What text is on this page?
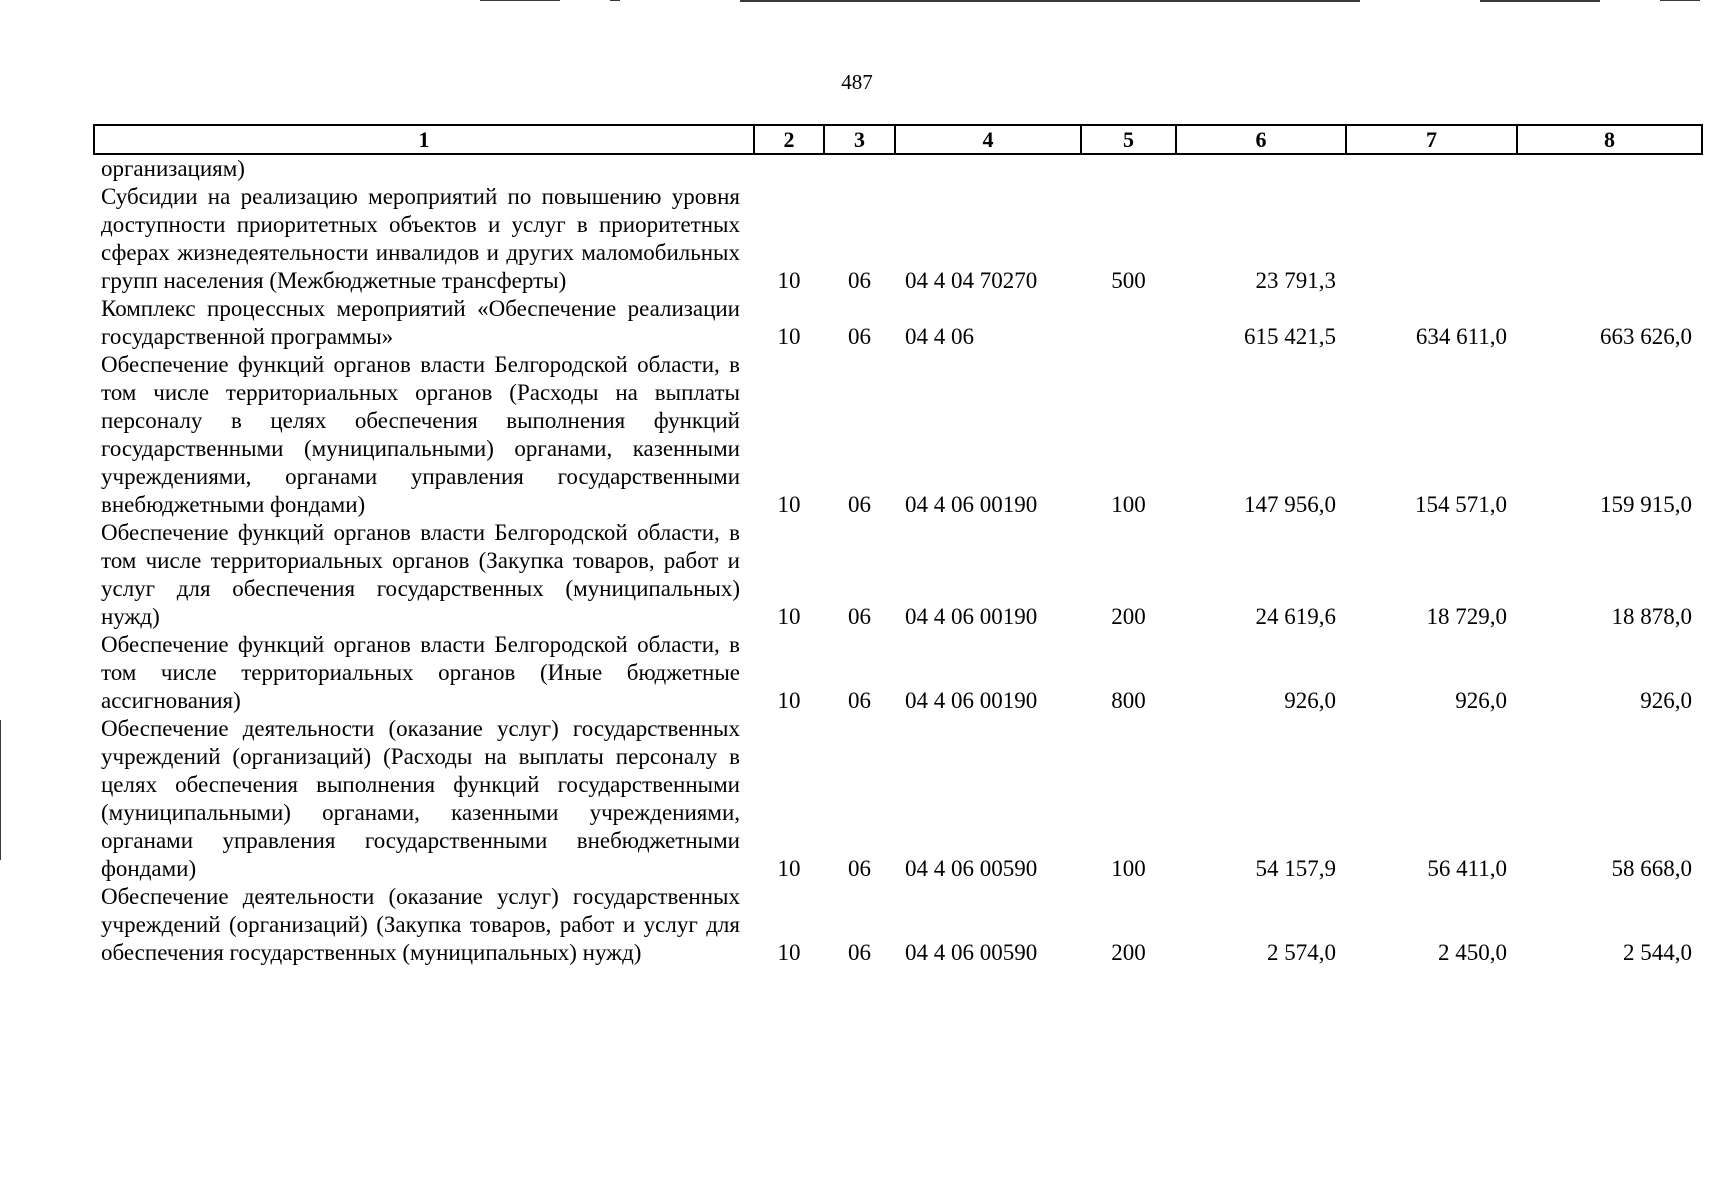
487
1	2	3	4	5	6	7	8
организациям)							
Субсидии на реализацию мероприятий по повышению уровня доступности приоритетных объектов и услуг в приоритетных сферах жизнедеятельности инвалидов и других маломобильных групп населения (Межбюджетные трансферты)	10	06	04 4 04 70270	500	23 791,3		
Комплекс процессных мероприятий «Обеспечение реализации государственной программы»	10	06	04 4 06		615 421,5	634 611,0	663 626,0
Обеспечение функций органов власти Белгородской области, в том числе территориальных органов (Расходы на выплаты персоналу в целях обеспечения выполнения функций государственными (муниципальными) органами, казенными учреждениями, органами управления государственными внебюджетными фондами)	10	06	04 4 06 00190	100	147 956,0	154 571,0	159 915,0
Обеспечение функций органов власти Белгородской области, в том числе территориальных органов (Закупка товаров, работ и услуг для обеспечения государственных (муниципальных) нужд)	10	06	04 4 06 00190	200	24 619,6	18 729,0	18 878,0
Обеспечение функций органов власти Белгородской области, в том числе территориальных органов (Иные бюджетные ассигнования)	10	06	04 4 06 00190	800	926,0	926,0	926,0
Обеспечение деятельности (оказание услуг) государственных учреждений (организаций) (Расходы на выплаты персоналу в целях обеспечения выполнения функций государственными (муниципальными) органами, казенными учреждениями, органами управления государственными внебюджетными фондами)	10	06	04 4 06 00590	100	54 157,9	56 411,0	58 668,0
Обеспечение деятельности (оказание услуг) государственных учреждений (организаций) (Закупка товаров, работ и услуг для обеспечения государственных (муниципальных) нужд)	10	06	04 4 06 00590	200	2 574,0	2 450,0	2 544,0
